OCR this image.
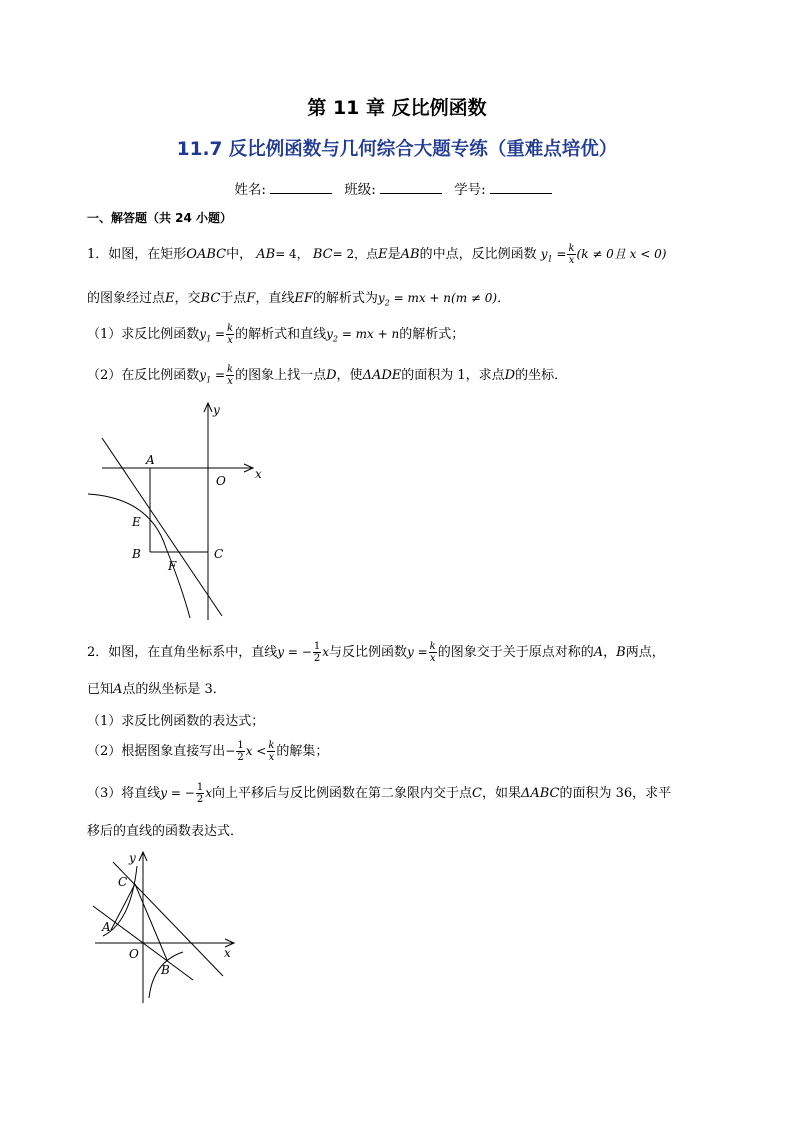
第 11 章 反比例函数
11.7 反比例函数与几何综合大题专练（重难点培优）
姓名:	班级:	学号:
一、解答题（共 24 小题）
1．如图，在矩形OABC中， AB= 4， BC= 2，点E是AB的中点，反比例函数 $y_1 = \frac{k}{x} (k \ne 0$且 x < 0)
的图象经过点E，交BC于点F，直线EF的解析式为$y_2$ = mx + n(m ≠ 0)．
（1）求反比例函数$y_1 = \frac{k}{x}$ 的解析式和直线$y_2$ = mx + n的解析式；
（2）在反比例函数$y_1 = \frac{k}{x}$ 的图象上找一点D，使ΔADE的面积为 1，求点D的坐标．
A
O
E
B
F
C
x
y
2．如图，在直角坐标系中，直线y = − $\frac{1}{2}$ x与反比例函数$y = \frac{k}{x}$ 的图象交于关于原点对称的A，B两点，
已知A点的纵坐标是 3．
（1）求反比例函数的表达式；
（2）根据图象直接写出− $\frac{1}{2}$ $x < \frac{k}{x}$ 的解集；
（3）将直线y = − $\frac{1}{2}$ x向上平移后与反比例函数在第二象限内交于点C，如果ΔABC的面积为 36，求平
移后的直线的函数表达式．
C
A
O
B
x
y
